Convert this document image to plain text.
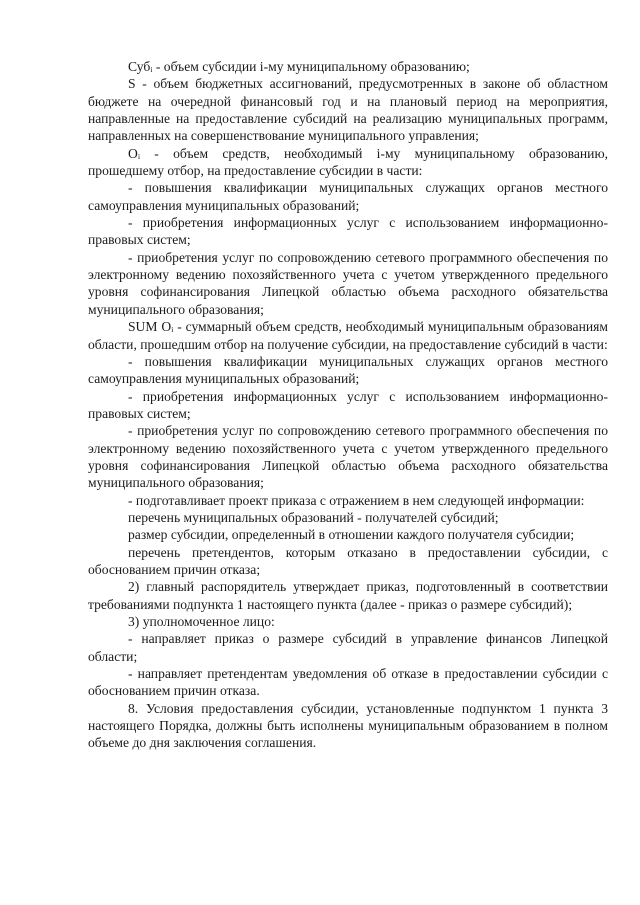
Субᵢ - объем субсидии i-му муниципальному образованию;

S - объем бюджетных ассигнований, предусмотренных в законе об областном бюджете на очередной финансовый год и на плановый период на мероприятия, направленные на предоставление субсидий на реализацию муниципальных программ, направленных на совершенствование муниципального управления;

Oᵢ - объем средств, необходимый i-му муниципальному образованию, прошедшему отбор, на предоставление субсидии в части:

- повышения квалификации муниципальных служащих органов местного самоуправления муниципальных образований;

- приобретения информационных услуг с использованием информационно-правовых систем;

- приобретения услуг по сопровождению сетевого программного обеспечения по электронному ведению похозяйственного учета с учетом утвержденного предельного уровня софинансирования Липецкой областью объема расходного обязательства муниципального образования;

SUM Oᵢ - суммарный объем средств, необходимый муниципальным образованиям области, прошедшим отбор на получение субсидии, на предоставление субсидий в части:

- повышения квалификации муниципальных служащих органов местного самоуправления муниципальных образований;

- приобретения информационных услуг с использованием информационно-правовых систем;

- приобретения услуг по сопровождению сетевого программного обеспечения по электронному ведению похозяйственного учета с учетом утвержденного предельного уровня софинансирования Липецкой областью объема расходного обязательства муниципального образования;

- подготавливает проект приказа с отражением в нем следующей информации:

перечень муниципальных образований - получателей субсидий;

размер субсидии, определенный в отношении каждого получателя субсидии;

перечень претендентов, которым отказано в предоставлении субсидии, с обоснованием причин отказа;

2) главный распорядитель утверждает приказ, подготовленный в соответствии требованиями подпункта 1 настоящего пункта (далее - приказ о размере субсидий);

3) уполномоченное лицо:

- направляет приказ о размере субсидий в управление финансов Липецкой области;

- направляет претендентам уведомления об отказе в предоставлении субсидии с обоснованием причин отказа.

8. Условия предоставления субсидии, установленные подпунктом 1 пункта 3 настоящего Порядка, должны быть исполнены муниципальным образованием в полном объеме до дня заключения соглашения.
